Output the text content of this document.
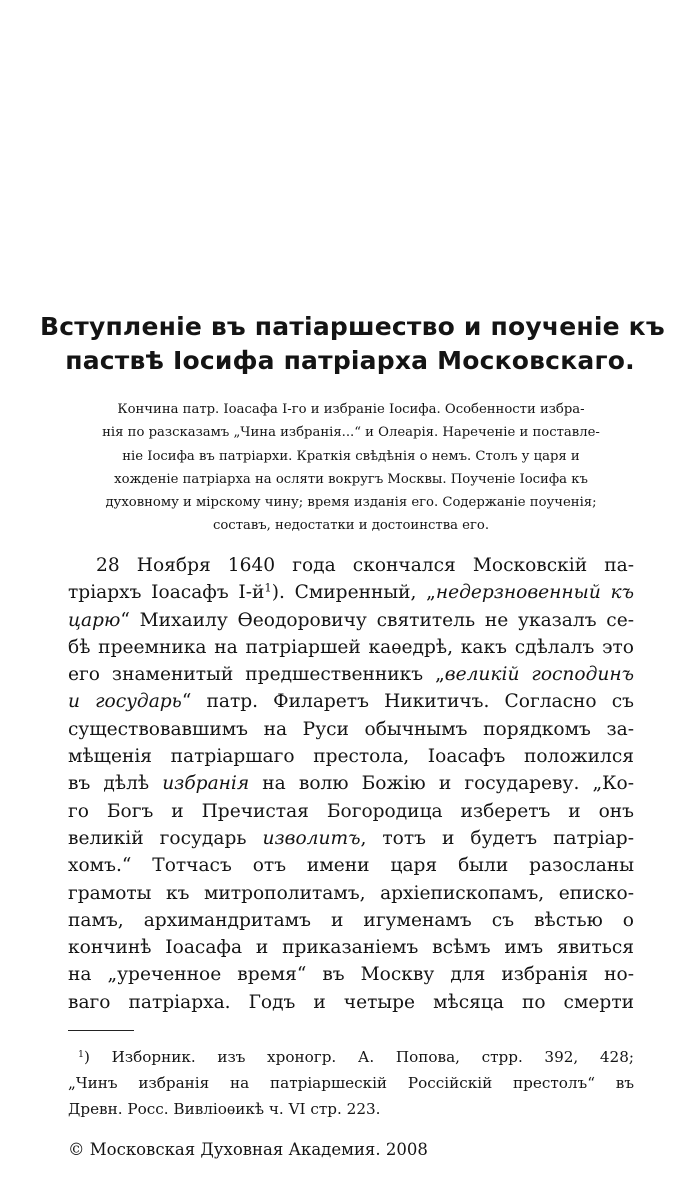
Вступленіе въ патіаршество и поученіе къ
паствѣ Іосифа патріарха Московскаго.
Кончина патр. Іоасафа I-го и избраніе Іосифа. Особенности избра-
нія по разсказамъ „Чина избранія...“ и Олеарія. Нареченіе и поставле-
ніе Іосифа въ патріархи. Краткія свѣдѣнія о немъ. Столъ у царя и
хожденіе патріарха на осляти вокругъ Москвы. Поученіе Іосифа къ
духовному и мірскому чину; время изданія его. Содержаніе поученія;
составъ, недостатки и достоинства его.
28 Ноября 1640 года скончался Московскій па-
тріархъ Іоасафъ $I-й^1$). Смиренный, „недерзновенный къ
царю“ Михаилу Ѳеодоровичу святитель не указалъ се-
бѣ преемника на патріаршей каѳедрѣ, какъ сдѣлалъ это
его знаменитый предшественникъ „великій господинъ
и государь“ патр. Филаретъ Никитичъ. Согласно съ
существовавшимъ на Руси обычнымъ порядкомъ за-
мѣщенія патріаршаго престола, Іоасафъ положился
въ дѣлѣ избранія на волю Божію и государеву. „Ко-
го Богъ и Пречистая Богородица изберетъ и онъ
великій государь изволитъ, тотъ и будетъ патріар-
хомъ.“ Тотчасъ отъ имени царя были разосланы
грамоты къ митрополитамъ, архіепископамъ, еписко-
памъ, архимандритамъ и игуменамъ съ вѣстью о
кончинѣ Іоасафа и приказаніемъ всѣмъ имъ явиться
на „уреченное время“ въ Москву для избранія но-
ваго патріарха. Годъ и четыре мѣсяца по смерти
$^1$) Изборник. изъ хроногр. А. Попова, стрр. 392, 428;
„Чинъ избранія на патріаршескій Россійскій престолъ“ въ
Древн. Росс. Вивліоѳикѣ ч. VI стр. 223.
© Московская Духовная Академия. 2008
